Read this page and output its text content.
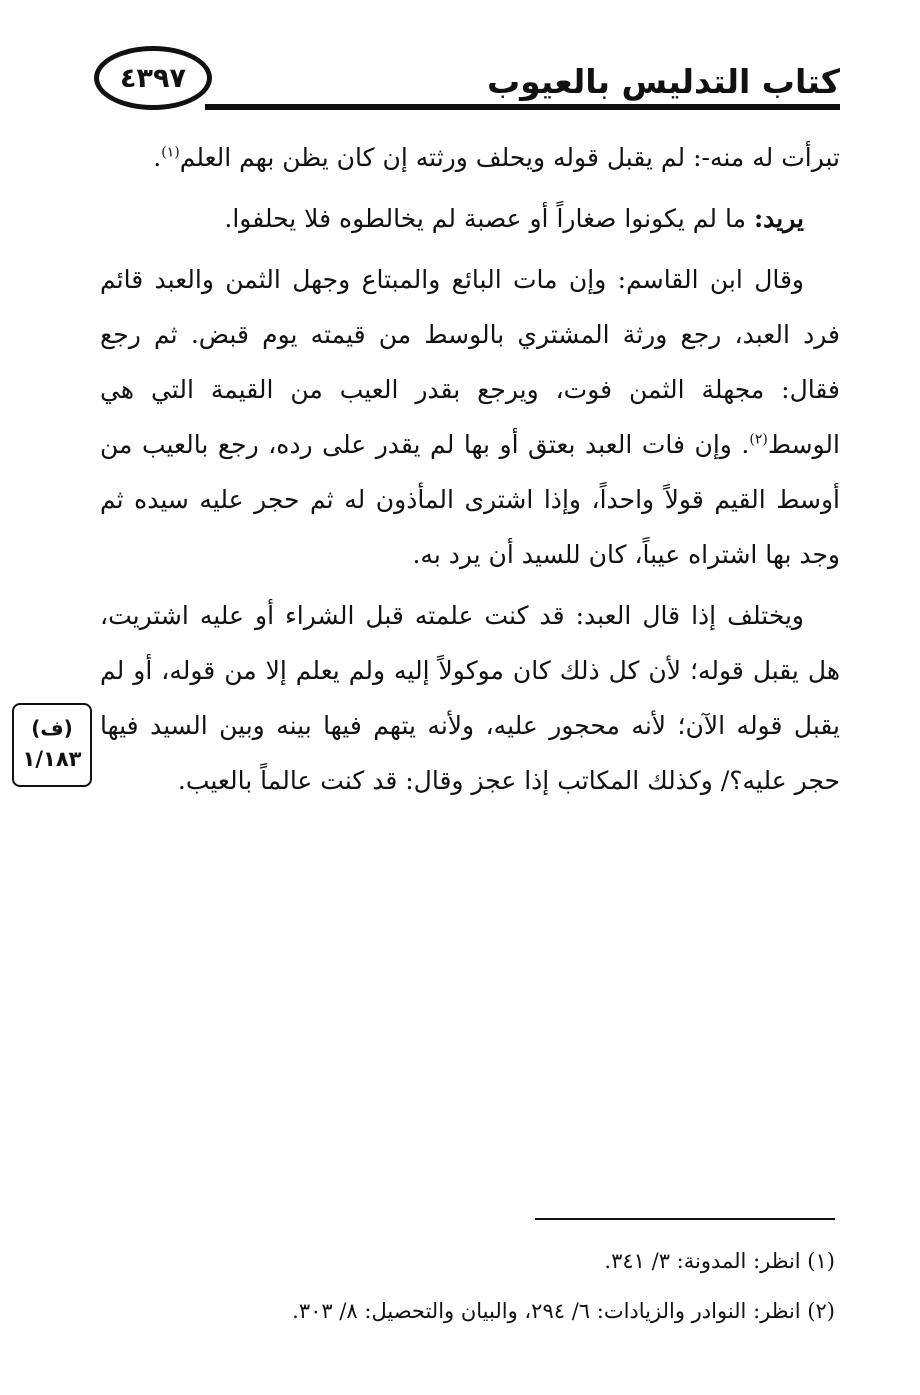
كتاب التدليس بالعيوب
٤٣٩٧
(ف)
١/١٨٣

تبرأت له منه-: لم يقبل قوله ويحلف ورثته إن كان يظن بهم العلم$^{(١)}$.

يريد: ما لم يكونوا صغاراً أو عصبة لم يخالطوه فلا يحلفوا.

وقال ابن القاسم: وإن مات البائع والمبتاع وجهل الثمن والعبد قائم فرد العبد، رجع ورثة المشتري بالوسط من قيمته يوم قبض. ثم رجع فقال: مجهلة الثمن فوت، ويرجع بقدر العيب من القيمة التي هي الوسط$^{(٢)}$. وإن فات العبد بعتق أو بها لم يقدر على رده، رجع بالعيب من أوسط القيم قولاً واحداً، وإذا اشترى المأذون له ثم حجر عليه سيده ثم وجد بها اشتراه عيباً، كان للسيد أن يرد به.

ويختلف إذا قال العبد: قد كنت علمته قبل الشراء أو عليه اشتريت، هل يقبل قوله؛ لأن كل ذلك كان موكولاً إليه ولم يعلم إلا من قوله، أو لم يقبل قوله الآن؛ لأنه محجور عليه، ولأنه يتهم فيها بينه وبين السيد فيها حجر عليه؟/ وكذلك المكاتب إذا عجز وقال: قد كنت عالماً بالعيب.

(١) انظر: المدونة: ٣/ ٣٤١.
(٢) انظر: النوادر والزيادات: ٦/ ٢٩٤، والبيان والتحصيل: ٨/ ٣٠٣.
